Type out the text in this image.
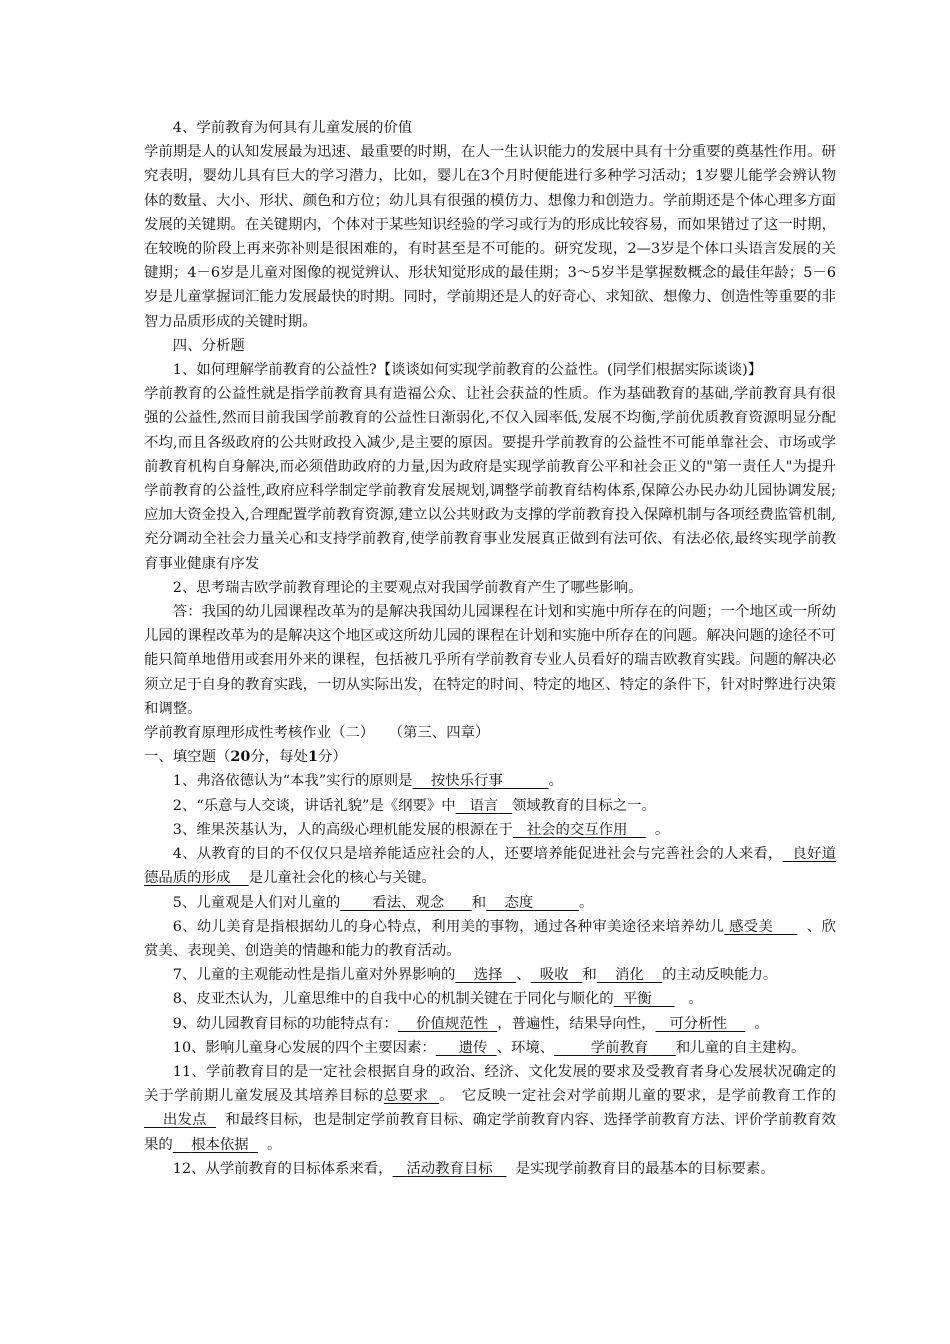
4、学前教育为何具有儿童发展的价值

学前期是人的认知发展最为迅速、最重要的时期，在人一生认识能力的发展中具有十分重要的奠基性作用。研究表明，婴幼儿具有巨大的学习潜力，比如，婴儿在3个月时便能进行多种学习活动；1岁婴儿能学会辨认物体的数量、大小、形状、颜色和方位；幼儿具有很强的模仿力、想像力和创造力。学前期还是个体心理多方面发展的关键期。在关键期内，个体对于某些知识经验的学习或行为的形成比较容易，而如果错过了这一时期，在较晚的阶段上再来弥补则是很困难的，有时甚至是不可能的。研究发现，2—3岁是个体口头语言发展的关键期；4－6岁是儿童对图像的视觉辨认、形状知觉形成的最佳期；3～5岁半是掌握数概念的最佳年龄；5－6岁是儿童掌握词汇能力发展最快的时期。同时，学前期还是人的好奇心、求知欲、想像力、创造性等重要的非智力品质形成的关键时期。

四、分析题

1、如何理解学前教育的公益性?【谈谈如何实现学前教育的公益性。(同学们根据实际谈谈)】

学前教育的公益性就是指学前教育具有造福公众、让社会获益的性质。作为基础教育的基础,学前教育具有很强的公益性,然而目前我国学前教育的公益性日渐弱化,不仅入园率低,发展不均衡,学前优质教育资源明显分配不均,而且各级政府的公共财政投入减少,是主要的原因。要提升学前教育的公益性不可能单靠社会、市场或学前教育机构自身解决,而必须借助政府的力量,因为政府是实现学前教育公平和社会正义的"第一责任人"为提升学前教育的公益性,政府应科学制定学前教育发展规划,调整学前教育结构体系,保障公办民办幼儿园协调发展;应加大资金投入,合理配置学前教育资源,建立以公共财政为支撑的学前教育投入保障机制与各项经费监管机制,充分调动全社会力量关心和支持学前教育,使学前教育事业发展真正做到有法可依、有法必依,最终实现学前教育事业健康有序发

2、思考瑞吉欧学前教育理论的主要观点对我国学前教育产生了哪些影响。

答：我国的幼儿园课程改革为的是解决我国幼儿园课程在计划和实施中所存在的问题；一个地区或一所幼儿园的课程改革为的是解决这个地区或这所幼儿园的课程在计划和实施中所存在的问题。解决问题的途径不可能只简单地借用或套用外来的课程，包括被几乎所有学前教育专业人员看好的瑞吉欧教育实践。问题的解决必须立足于自身的教育实践，一切从实际出发，在特定的时间、特定的地区、特定的条件下，针对时弊进行决策和调整。

学前教育原理形成性考核作业（二）　　（第三、四章）

一、填空题（20分，每处1分）

1、弗洛依德认为“本我”实行的原则是 按快乐行事	。

2、“乐意与人交谈，讲话礼貌”是《纲要》中 语言 领域教育的目标之一。

3、维果茨基认为，人的高级心理机能发展的根源在于 社会的交互作用 。

4、从教育的目的不仅仅只是培养能适应社会的人，还要培养能促进社会与完善社会的人来看， 良好道德品质的形成 是儿童社会化的核心与关键。

5、儿童观是人们对儿童的 看法、观念 和 态度	。

6、幼儿美育是指根据幼儿的身心特点，利用美的事物，通过各种审美途径来培养幼儿 感受美 、欣赏美、表现美、创造美的情趣和能力的教育活动。

7、儿童的主观能动性是指儿童对外界影响的 选择 、 吸收 和 消化 的主动反映能力。

8、皮亚杰认为，儿童思维中的自我中心的机制关键在于同化与顺化的 平衡	。

9、幼儿园教育目标的功能特点有： 价值规范性 ，普遍性，结果导向性， 可分析性 。

10、影响儿童身心发展的四个主要因素： 遗传 、环境、	学前教育 和儿童的自主建构。

11、学前教育目的是一定社会根据自身的政治、经济、文化发展的要求及受教育者身心发展状况确定的关于学前期儿童发展及其培养目标的总要求 。　它反映一定社会对学前期儿童的要求，是学前教育工作的    出发点 和最终目标，也是制定学前教育目标、确定学前教育内容、选择学前教育方法、评价学前教育效果的 根本依据 。

12、从学前教育的目标体系来看， 活动教育目标 是实现学前教育目的最基本的目标要素。
